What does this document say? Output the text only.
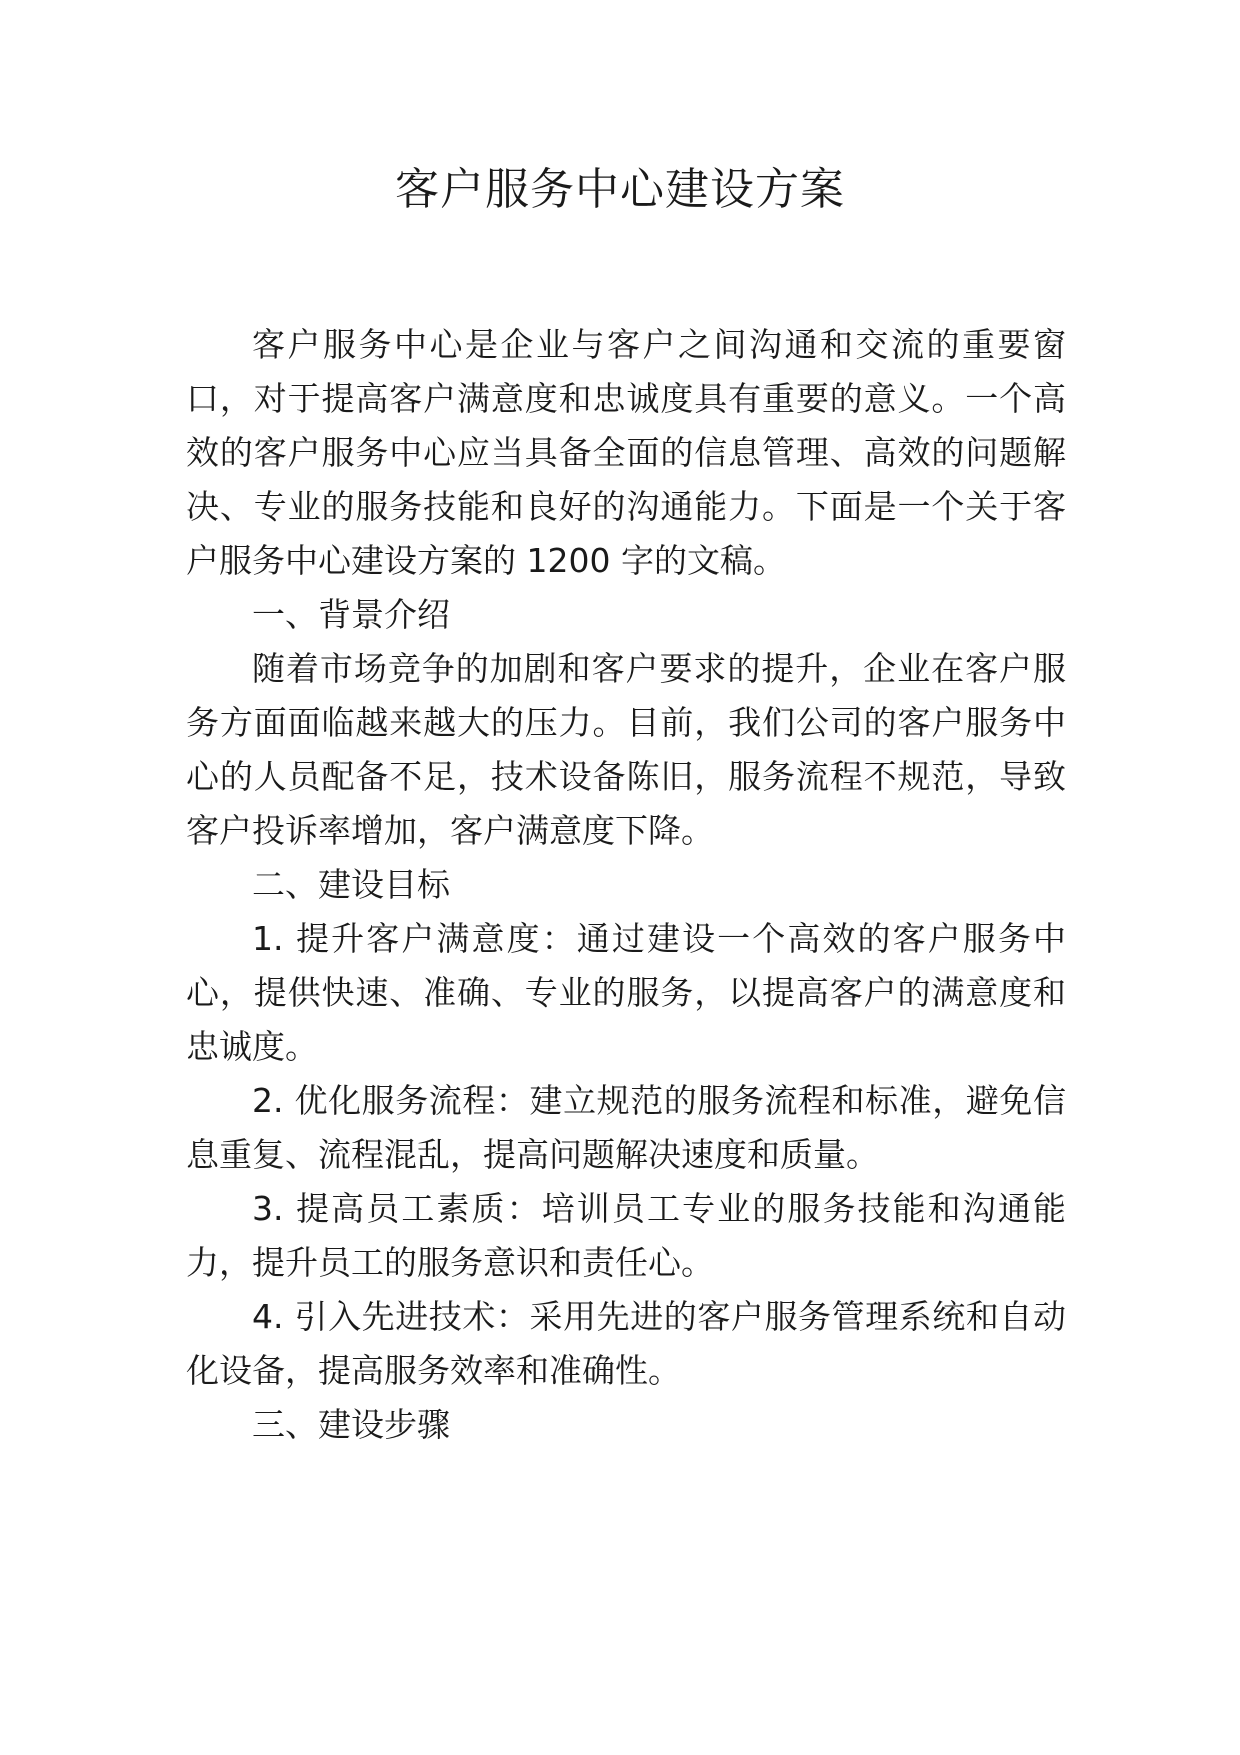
客户服务中心建设方案

客户服务中心是企业与客户之间沟通和交流的重要窗口，对于提高客户满意度和忠诚度具有重要的意义。一个高效的客户服务中心应当具备全面的信息管理、高效的问题解决、专业的服务技能和良好的沟通能力。下面是一个关于客户服务中心建设方案的 1200 字的文稿。

一、背景介绍

随着市场竞争的加剧和客户要求的提升，企业在客户服务方面面临越来越大的压力。目前，我们公司的客户服务中心的人员配备不足，技术设备陈旧，服务流程不规范，导致客户投诉率增加，客户满意度下降。

二、建设目标

1. 提升客户满意度：通过建设一个高效的客户服务中心，提供快速、准确、专业的服务，以提高客户的满意度和忠诚度。

2. 优化服务流程：建立规范的服务流程和标准，避免信息重复、流程混乱，提高问题解决速度和质量。

3. 提高员工素质：培训员工专业的服务技能和沟通能力，提升员工的服务意识和责任心。

4. 引入先进技术：采用先进的客户服务管理系统和自动化设备，提高服务效率和准确性。

三、建设步骤
